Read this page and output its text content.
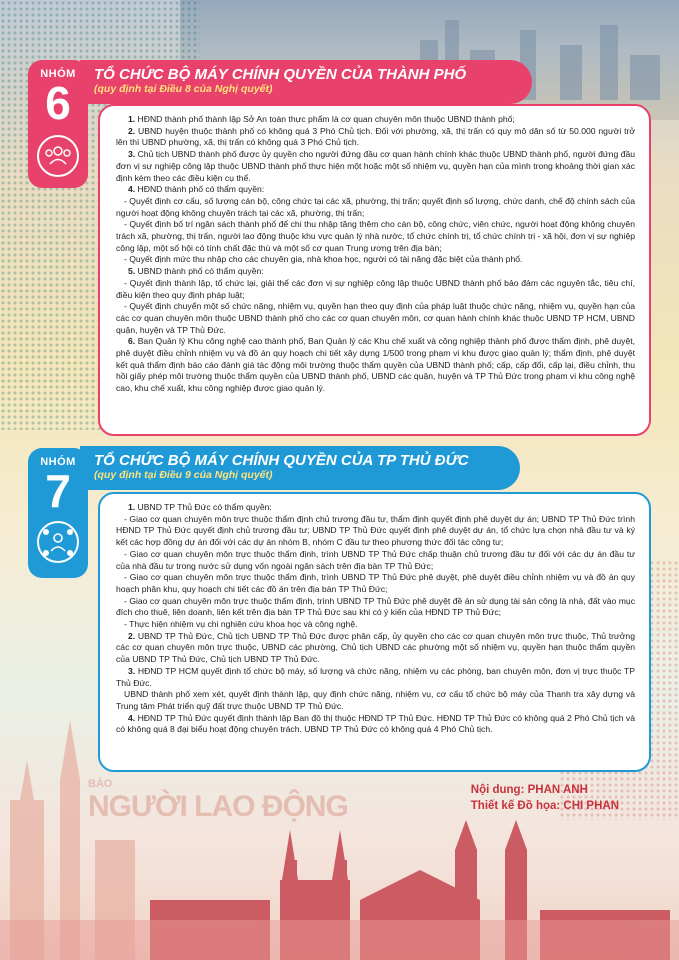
TỔ CHỨC BỘ MÁY CHÍNH QUYỀN CỦA THÀNH PHỐ
(quy định tại Điều 8 của Nghị quyết)
NHÓM
6	1. HĐND thành phố thành lập Sở An toàn thực phẩm là cơ quan chuyên môn thuộc UBND thành phố;

2. UBND huyện thuộc thành phố có không quá 3 Phó Chủ tịch. Đối với phường, xã, thị trấn có quy mô dân số từ 50.000 người trở lên thì UBND phường, xã, thị trấn có không quá 3 Phó Chủ tịch.

3. Chủ tịch UBND thành phố được ủy quyền cho người đứng đầu cơ quan hành chính khác thuộc UBND thành phố, người đứng đầu đơn vị sự nghiệp công lập thuộc UBND thành phố thực hiện một hoặc một số nhiệm vụ, quyền hạn của mình trong khoảng thời gian xác định kèm theo các điều kiện cụ thể.

4. HĐND thành phố có thẩm quyền:

- Quyết định cơ cấu, số lượng cán bộ, công chức tại các xã, phường, thị trấn; quyết định số lượng, chức danh, chế độ chính sách của người hoạt động không chuyên trách tại các xã, phường, thị trấn;

- Quyết định bố trí ngân sách thành phố để chi thu nhập tăng thêm cho cán bộ, công chức, viên chức, người hoạt động không chuyên trách xã, phường, thị trấn, người lao động thuộc khu vực quản lý nhà nước, tổ chức chính trị, tổ chức chính trị - xã hội, đơn vị sự nghiệp công lập, một số hội có tính chất đặc thù và một số cơ quan Trung ương trên địa bàn;

- Quyết định mức thu nhập cho các chuyên gia, nhà khoa học, người có tài năng đặc biệt của thành phố.

5. UBND thành phố có thẩm quyền:

- Quyết định thành lập, tổ chức lại, giải thể các đơn vị sự nghiệp công lập thuộc UBND thành phố bảo đảm các nguyên tắc, tiêu chí, điều kiện theo quy định pháp luật;

- Quyết định chuyển một số chức năng, nhiệm vụ, quyền hạn theo quy định của pháp luật thuộc chức năng, nhiệm vụ, quyền hạn của các cơ quan chuyên môn thuộc UBND thành phố cho các cơ quan chuyên môn, cơ quan hành chính khác thuộc UBND TP HCM, UBND quận, huyện và TP Thủ Đức.

6. Ban Quản lý Khu công nghệ cao thành phố, Ban Quản lý các Khu chế xuất và công nghiệp thành phố được thẩm định, phê duyệt, phê duyệt điều chỉnh nhiệm vụ và đồ án quy hoạch chi tiết xây dựng 1/500 trong phạm vi khu được giao quản lý; thẩm định, phê duyệt kết quả thẩm định báo cáo đánh giá tác động môi trường thuộc thẩm quyền của UBND thành phố; cấp, cấp đổi, cấp lại, điều chỉnh, thu hồi giấy phép môi trường thuộc thẩm quyền của UBND thành phố, UBND các quận, huyện và TP Thủ Đức trong phạm vi khu công nghệ cao, khu chế xuất, khu công nghiệp được giao quản lý.

TỔ CHỨC BỘ MÁY CHÍNH QUYỀN CỦA TP THỦ ĐỨC
(quy định tại Điều 9 của Nghị quyết)
NHÓM
7	1. UBND TP Thủ Đức có thẩm quyền:

- Giao cơ quan chuyên môn trực thuộc thẩm định chủ trương đầu tư, thẩm định quyết định phê duyệt dự án; UBND TP Thủ Đức trình HĐND TP Thủ Đức quyết định chủ trương đầu tư; UBND TP Thủ Đức quyết định phê duyệt dự án, tổ chức lựa chọn nhà đầu tư và ký kết các hợp đồng dự án đối với các dự án nhóm B, nhóm C đầu tư theo phương thức đối tác công tư;

- Giao cơ quan chuyên môn trực thuộc thẩm định, trình UBND TP Thủ Đức chấp thuận chủ trương đầu tư đối với các dự án đầu tư của nhà đầu tư trong nước sử dụng vốn ngoài ngân sách trên địa bàn TP Thủ Đức;

- Giao cơ quan chuyên môn trực thuộc thẩm định, trình UBND TP Thủ Đức phê duyệt, phê duyệt điều chỉnh nhiệm vụ và đồ án quy hoạch phân khu, quy hoạch chi tiết các đồ án trên địa bàn TP Thủ Đức;

- Giao cơ quan chuyên môn trực thuộc thẩm định, trình UBND TP Thủ Đức phê duyệt đề án sử dụng tài sản công là nhà, đất vào mục đích cho thuê, liên doanh, liên kết trên địa bàn TP Thủ Đức sau khi có ý kiến của HĐND TP Thủ Đức;

- Thực hiện nhiệm vụ chi nghiên cứu khoa học và công nghệ.

2. UBND TP Thủ Đức, Chủ tịch UBND TP Thủ Đức được phân cấp, ủy quyền cho các cơ quan chuyên môn trực thuộc, Thủ trưởng các cơ quan chuyên môn trực thuộc, UBND các phường, Chủ tịch UBND các phường một số nhiệm vụ, quyền hạn thuộc thẩm quyền của UBND TP Thủ Đức, Chủ tịch UBND TP Thủ Đức.

3. HĐND TP HCM quyết định tổ chức bộ máy, số lượng và chức năng, nhiệm vụ các phòng, ban chuyên môn, đơn vị trực thuộc TP Thủ Đức.

UBND thành phố xem xét, quyết định thành lập, quy định chức năng, nhiệm vụ, cơ cấu tổ chức bộ máy của Thanh tra xây dựng và Trung tâm Phát triển quỹ đất trực thuộc UBND TP Thủ Đức.

4. HĐND TP Thủ Đức quyết định thành lập Ban đô thị thuộc HĐND TP Thủ Đức. HĐND TP Thủ Đức có không quá 2 Phó Chủ tịch và có không quá 8 đại biểu hoạt động chuyên trách. UBND TP Thủ Đức có không quá 4 Phó Chủ tịch.

Nội dung: PHAN ANH
Thiết kế Đồ họa: CHI PHAN
BÁO
NGƯỜI LAO ĐỘNG
